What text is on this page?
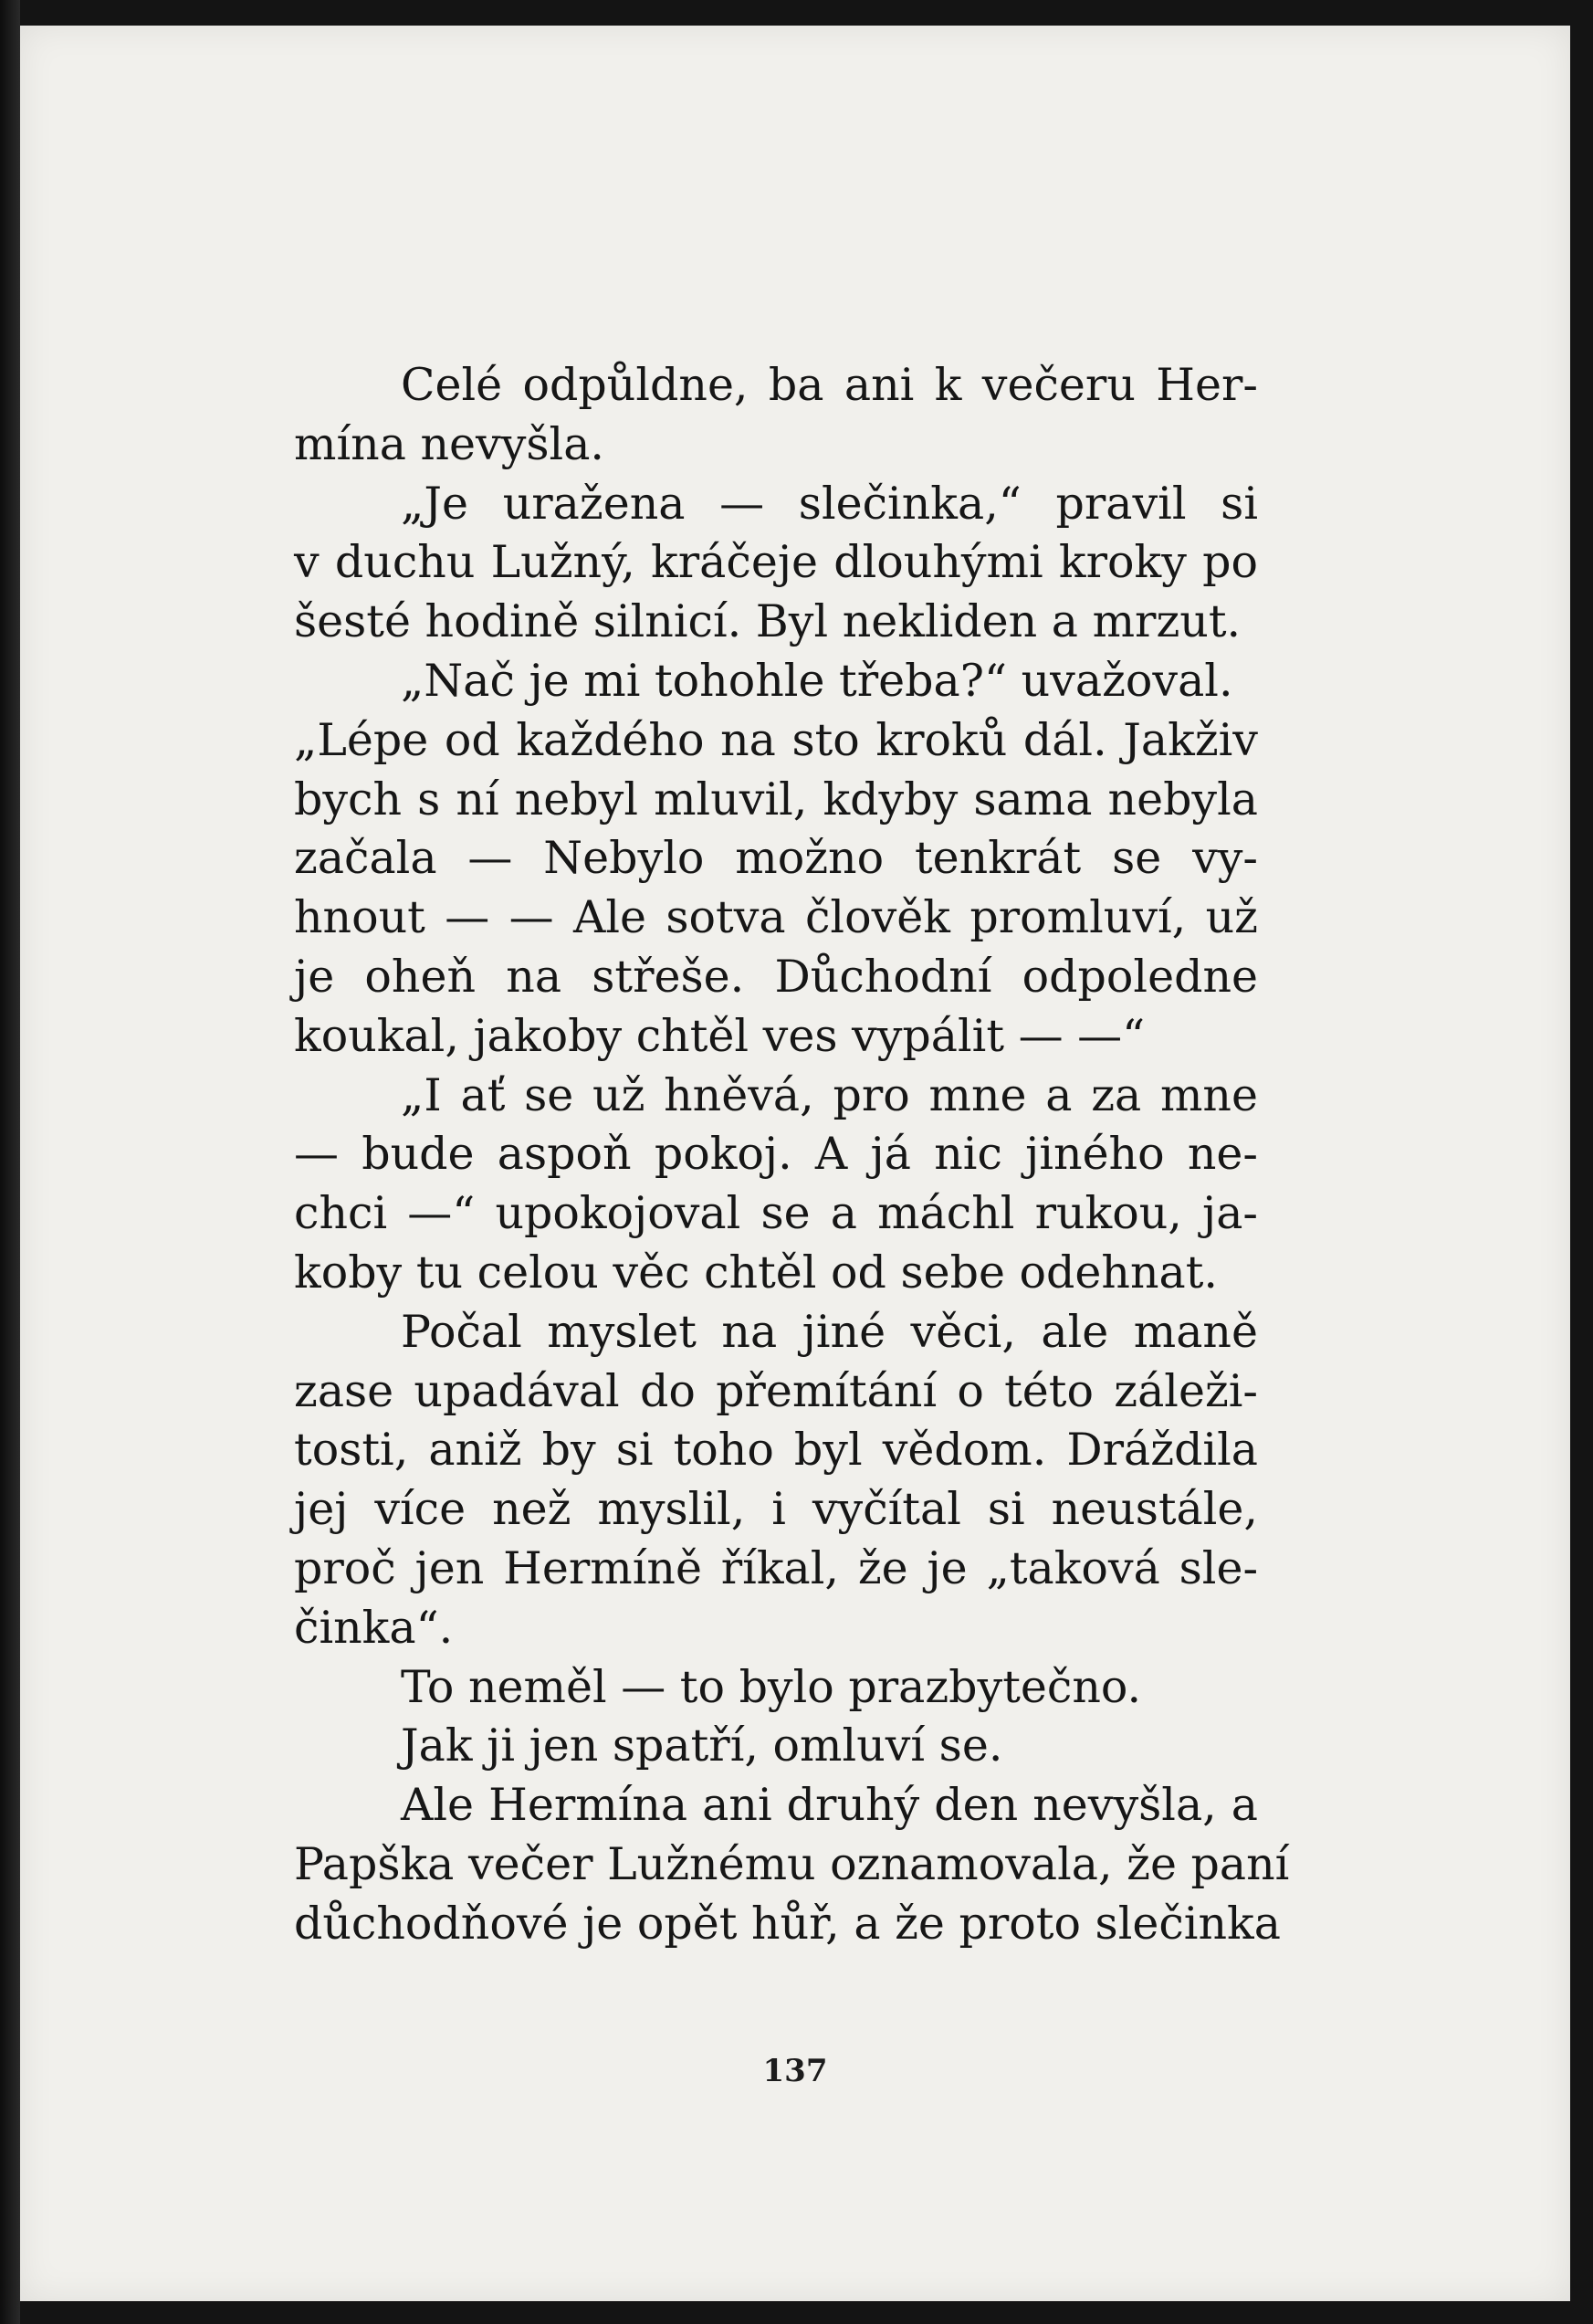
Celé odpůldne, ba ani k večeru Her-
mína nevyšla.
„Je uražena — slečinka,“ pravil si
v duchu Lužný, kráčeje dlouhými kroky po
šesté hodině silnicí. Byl nekliden a mrzut.
„Nač je mi tohohle třeba?“ uvažoval.
„Lépe od každého na sto kroků dál. Jakživ
bych s ní nebyl mluvil, kdyby sama nebyla
začala — Nebylo možno tenkrát se vy-
hnout — — Ale sotva člověk promluví, už
je oheň na střeše. Důchodní odpoledne
koukal, jakoby chtěl ves vypálit — —“
„I ať se už hněvá, pro mne a za mne
— bude aspoň pokoj. A já nic jiného ne-
chci —“ upokojoval se a máchl rukou, ja-
koby tu celou věc chtěl od sebe odehnat.
Počal myslet na jiné věci, ale maně
zase upadával do přemítání o této záleži-
tosti, aniž by si toho byl vědom. Dráždila
jej více než myslil, i vyčítal si neustále,
proč jen Hermíně říkal, že je „taková sle-
činka“.
To neměl — to bylo prazbytečno.
Jak ji jen spatří, omluví se.
Ale Hermína ani druhý den nevyšla, a
Papška večer Lužnému oznamovala, že paní
důchodňové je opět hůř, a že proto slečinka
137
